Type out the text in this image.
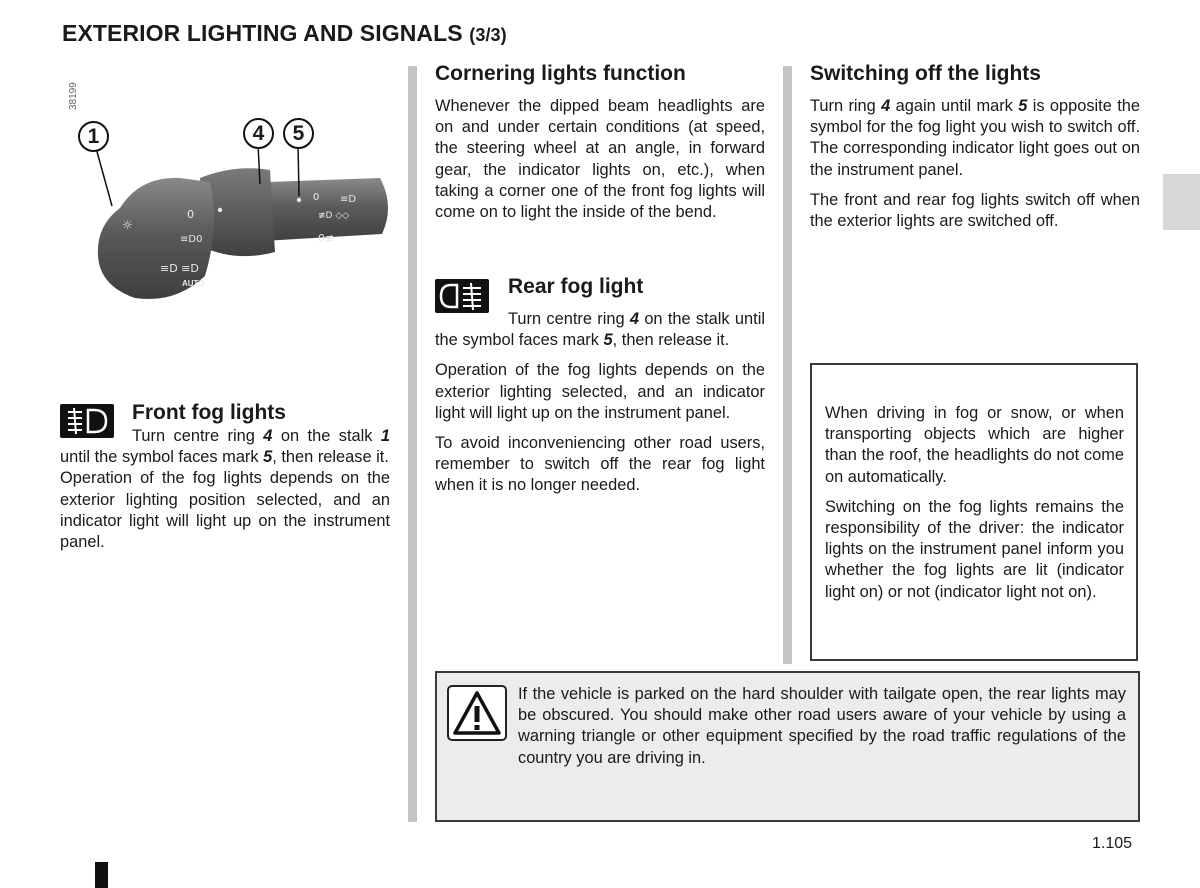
EXTERIOR LIGHTING AND SIGNALS (3/3)
38199
☼
0
≡D0
≡D ≡D
AUTO
0 ≡D
≢D ◇◇
0≢
1	4	5
Front fog lights

Turn centre ring 4 on the stalk 1 until the symbol faces mark 5, then release it.

Operation of the fog lights depends on the exterior lighting position selected, and an indicator light will light up on the instrument panel.

Cornering lights function

Whenever the dipped beam headlights are on and under certain conditions (at speed, the steering wheel at an angle, in forward gear, the indicator lights on, etc.), when taking a corner one of the front fog lights will come on to light the inside of the bend.

Rear fog light

Turn centre ring 4 on the stalk until the symbol faces mark 5, then release it.

Operation of the fog lights depends on the exterior lighting selected, and an indicator light will light up on the instrument panel.

To avoid inconveniencing other road users, remember to switch off the rear fog light when it is no longer needed.

Switching off the lights

Turn ring 4 again until mark 5 is opposite the symbol for the fog light you wish to switch off. The corresponding indicator light goes out on the instrument panel.

The front and rear fog lights switch off when the exterior lights are switched off.

When driving in fog or snow, or when transporting objects which are higher than the roof, the headlights do not come on automatically.

Switching on the fog lights remains the responsibility of the driver: the indicator lights on the instrument panel inform you whether the fog lights are lit (indicator light on) or not (indicator light not on).

If the vehicle is parked on the hard shoulder with tailgate open, the rear lights may be obscured. You should make other road users aware of your vehicle by using a warning triangle or other equipment specified by the road traffic regulations of the country you are driving in.
1.105
